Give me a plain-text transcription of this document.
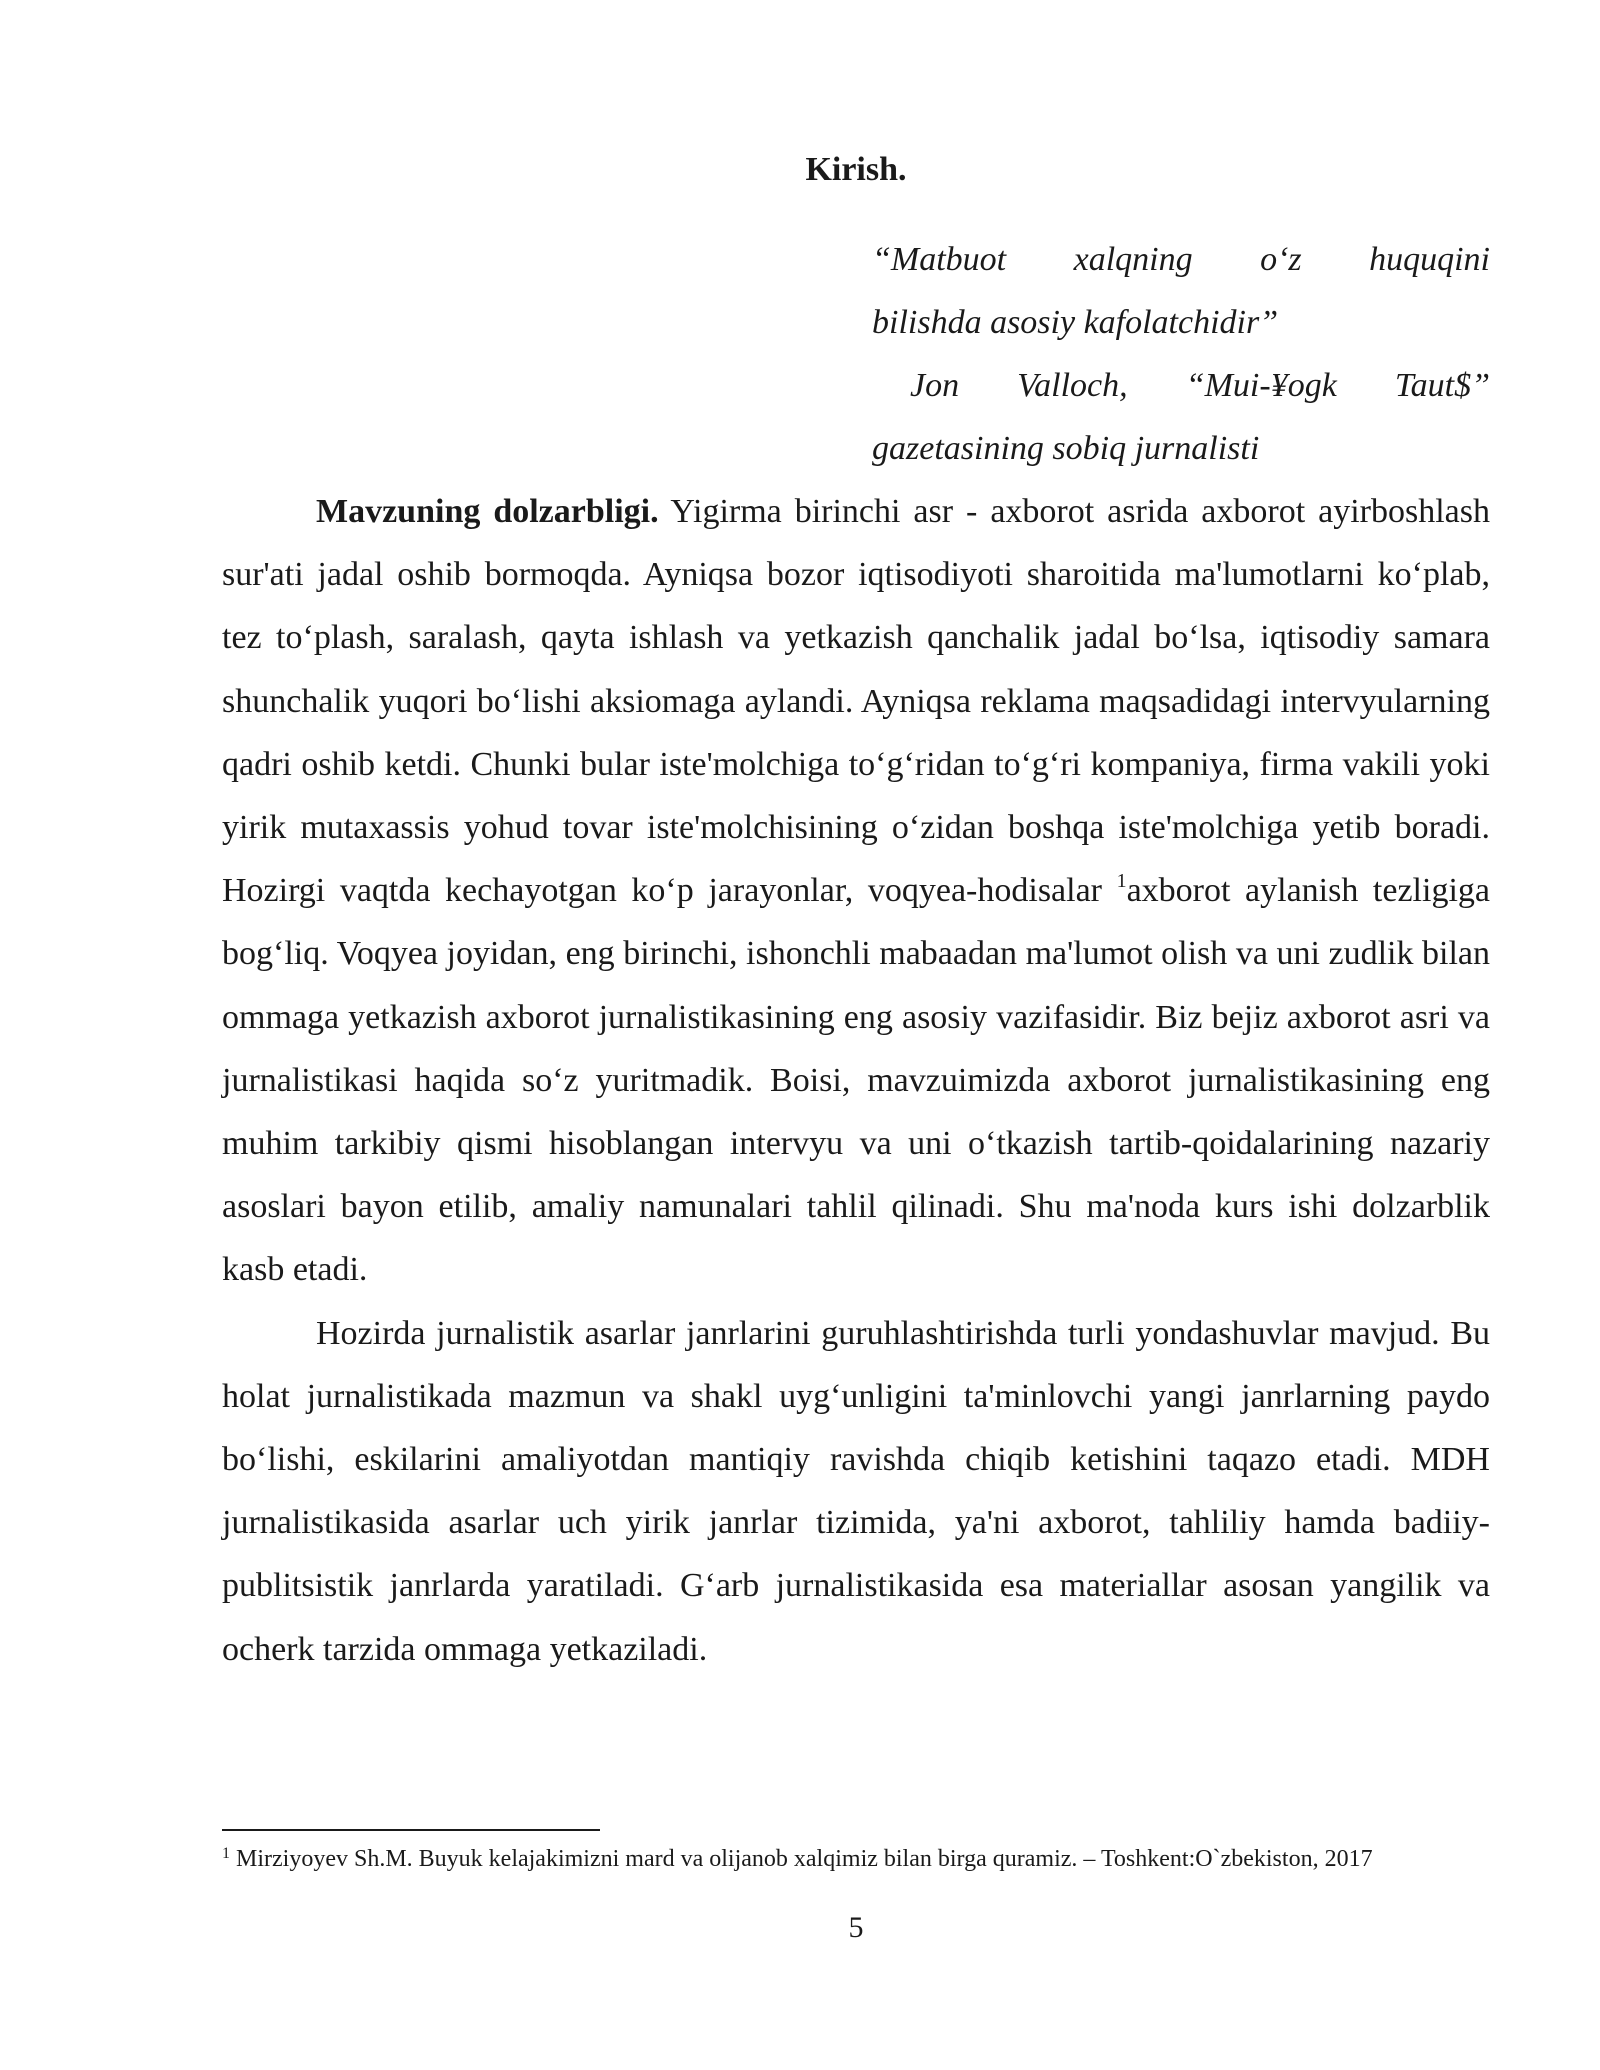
Kirish.
“Matbuot xalqning o‘z huquqini
bilishda asosiy kafolatchidir”
Jon Valloch, “Mui-¥ogk Taut$”
gazetasining sobiq jurnalisti

Mavzuning dolzarbligi. Yigirma birinchi asr - axborot asrida axborot ayirboshlash sur'ati jadal oshib bormoqda. Ayniqsa bozor iqtisodiyoti sharoitida ma'lumotlarni ko‘plab, tez to‘plash, saralash, qayta ishlash va yetkazish qanchalik jadal bo‘lsa, iqtisodiy samara shunchalik yuqori bo‘lishi aksiomaga aylandi. Ayniqsa reklama maqsadidagi intervyularning qadri oshib ketdi. Chunki bular iste'molchiga to‘g‘ridan to‘g‘ri kompaniya, firma vakili yoki yirik mutaxassis yohud tovar iste'molchisining o‘zidan boshqa iste'molchiga yetib boradi. Hozirgi vaqtda kechayotgan ko‘p jarayonlar, voqyea-hodisalar $^1$axborot aylanish tezligiga bog‘liq. Voqyea joyidan, eng birinchi, ishonchli mabaadan ma'lumot olish va uni zudlik bilan ommaga yetkazish axborot jurnalistikasining eng asosiy vazifasidir. Biz bejiz axborot asri va jurnalistikasi haqida so‘z yuritmadik. Boisi, mavzuimizda axborot jurnalistikasining eng muhim tarkibiy qismi hisoblangan intervyu va uni o‘tkazish tartib-qoidalarining nazariy asoslari bayon etilib, amaliy namunalari tahlil qilinadi. Shu ma'noda kurs ishi dolzarblik kasb etadi.

Hozirda jurnalistik asarlar janrlarini guruhlashtirishda turli yondashuvlar mavjud. Bu holat jurnalistikada mazmun va shakl uyg‘unligini ta'minlovchi yangi janrlarning paydo bo‘lishi, eskilarini amaliyotdan mantiqiy ravishda chiqib ketishini taqazo etadi. MDH jurnalistikasida asarlar uch yirik janrlar tizimida, ya'ni axborot, tahliliy hamda badiiy- publitsistik janrlarda yaratiladi. G‘arb jurnalistikasida esa materiallar asosan yangilik va ocherk tarzida ommaga yetkaziladi.

$^1$ Mirziyoyev Sh.M. Buyuk kelajakimizni mard va olijanob xalqimiz bilan birga quramiz. – Toshkent:O`zbekiston, 2017
5
